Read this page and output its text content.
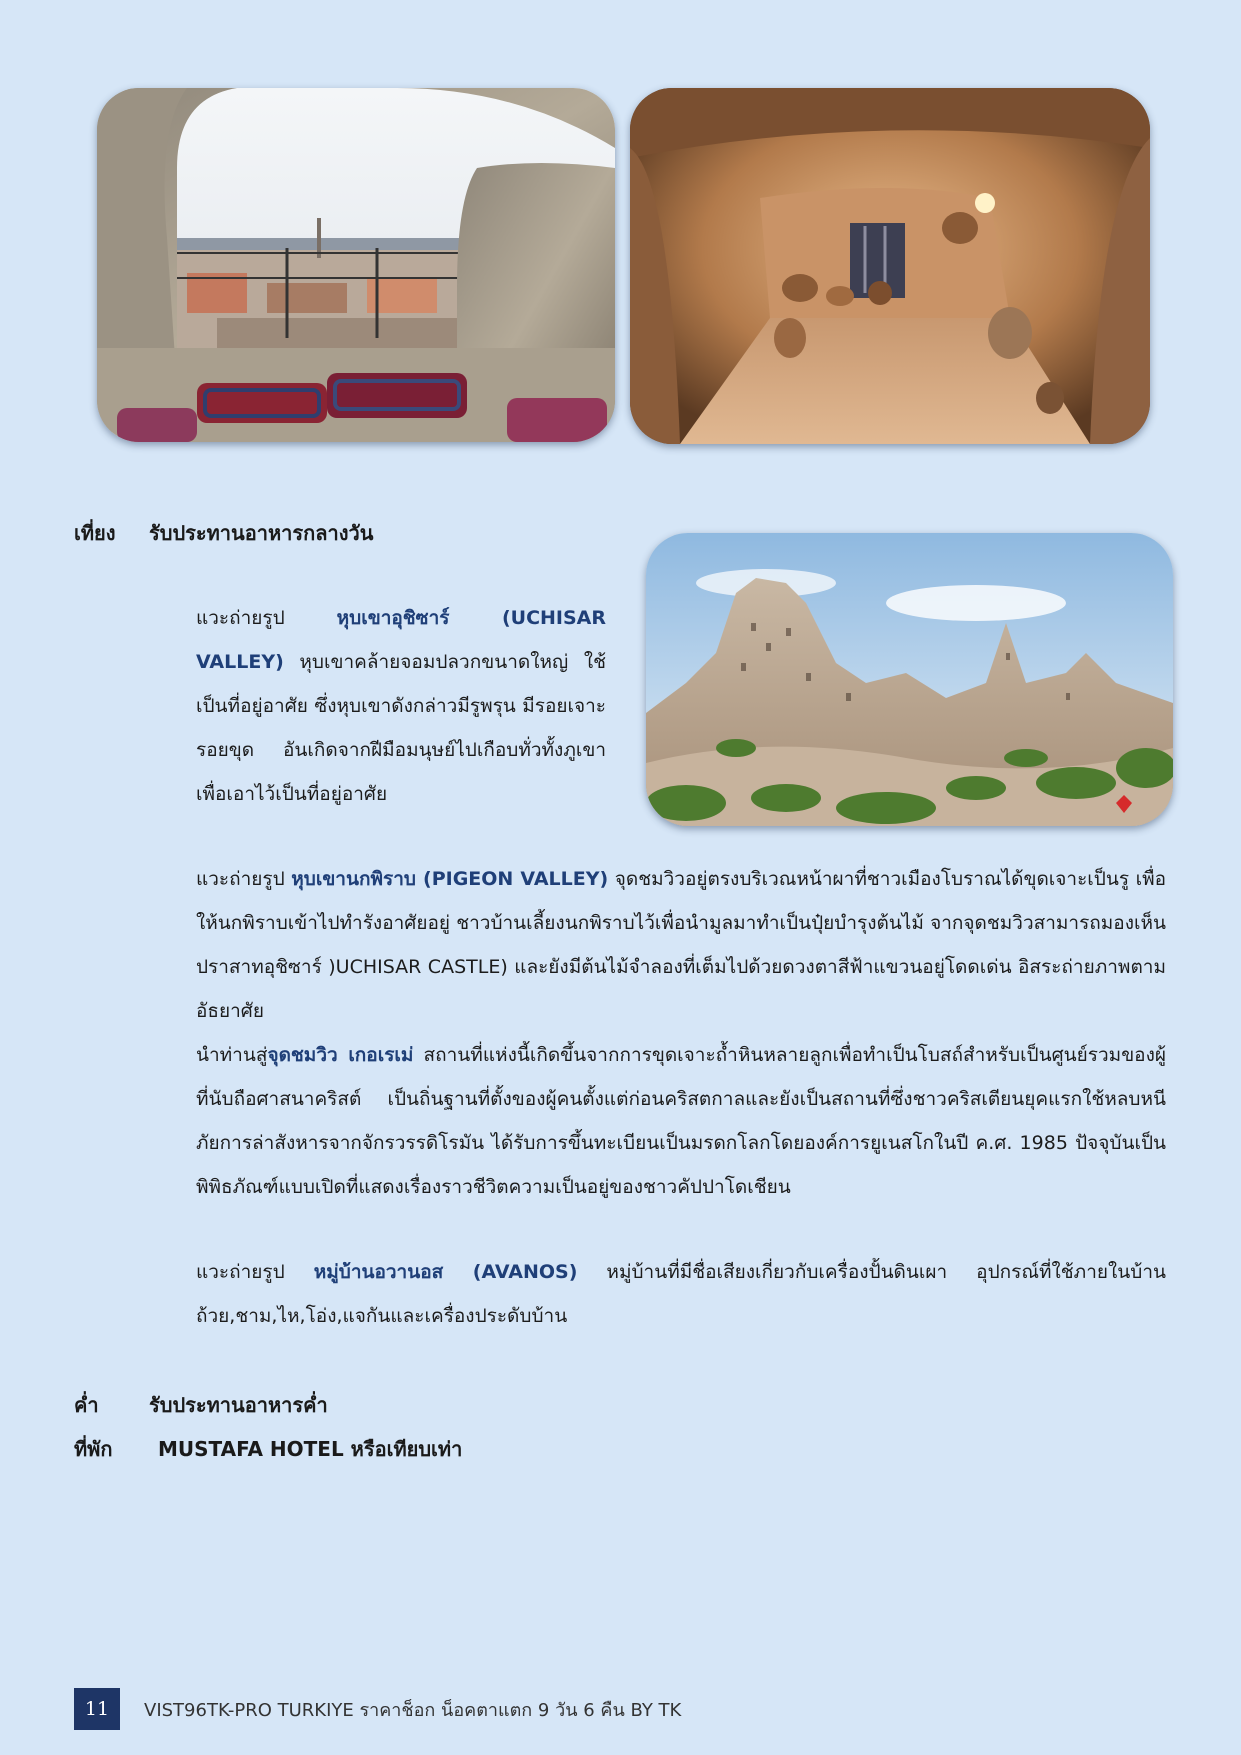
เที่ยง รับประทานอาหารกลางวัน
แวะถ่ายรูป	หุบเขาอุชิซาร์ (UCHISAR VALLEY) หุบเขาคล้ายจอมปลวกขนาดใหญ่ ใช้เป็นที่อยู่อาศัย ซึ่งหุบเขาดังกล่าวมีรูพรุน มีรอยเจาะ รอยขุด อันเกิดจากฝีมือมนุษย์ไปเกือบทั่วทั้งภูเขา เพื่อเอาไว้เป็นที่อยู่อาศัย
แวะถ่ายรูป หุบเขานกพิราบ (PIGEON VALLEY) จุดชมวิวอยู่ตรงบริเวณหน้าผาที่ชาวเมืองโบราณได้ขุดเจาะเป็นรู เพื่อให้นกพิราบเข้าไปทำรังอาศัยอยู่ ชาวบ้านเลี้ยงนกพิราบไว้เพื่อนำมูลมาทำเป็นปุ๋ยบำรุงต้นไม้ จากจุดชมวิวสามารถมองเห็นปราสาทอุชิซาร์ )UCHISAR CASTLE) และยังมีต้นไม้จำลองที่เต็มไปด้วยดวงตาสีฟ้าแขวนอยู่โดดเด่น อิสระถ่ายภาพตามอัธยาศัย
นำท่านสู่จุดชมวิว เกอเรเม่ สถานที่แห่งนี้เกิดขึ้นจากการขุดเจาะถ้ำหินหลายลูกเพื่อทำเป็นโบสถ์สำหรับเป็นศูนย์รวมของผู้ที่นับถือศาสนาคริสต์ เป็นถิ่นฐานที่ตั้งของผู้คนตั้งแต่ก่อนคริสตกาลและยังเป็นสถานที่ซึ่งชาวคริสเตียนยุคแรกใช้หลบหนีภัยการล่าสังหารจากจักรวรรดิโรมัน ได้รับการขึ้นทะเบียนเป็นมรดกโลกโดยองค์การยูเนสโกในปี ค.ศ. 1985 ปัจจุบันเป็นพิพิธภัณฑ์แบบเปิดที่แสดงเรื่องราวชีวิตความเป็นอยู่ของชาวคัปปาโดเชียน
แวะถ่ายรูป หมู่บ้านอวานอส (AVANOS) หมู่บ้านที่มีชื่อเสียงเกี่ยวกับเครื่องปั้นดินเผา อุปกรณ์ที่ใช้ภายในบ้าน ถ้วย,ชาม,ไห,โอ่ง,แจกันและเครื่องประดับบ้าน
ค่ำ	รับประทานอาหารค่ำ
ที่พัก MUSTAFA HOTEL หรือเทียบเท่า
11	VIST96TK-PRO TURKIYE ราคาช็อก น็อคตาแตก 9 วัน 6 คืน BY TK
